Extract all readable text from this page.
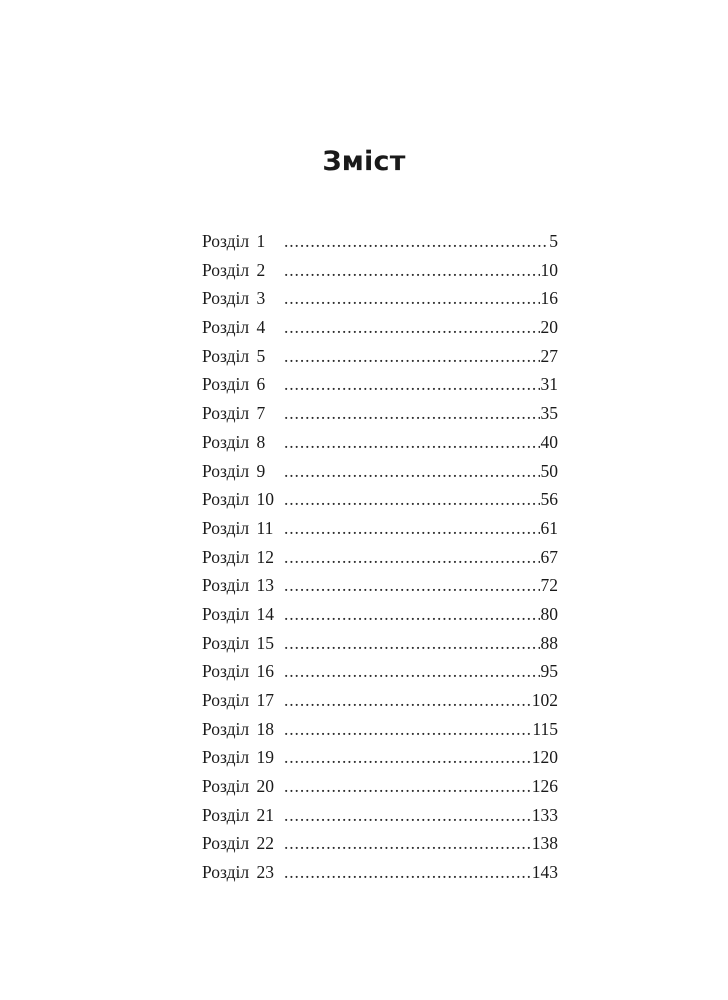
Зміст
Розділ 1 .....	5
Розділ 2 .....	10
Розділ 3 .....	16
Розділ 4 .....	20
Розділ 5 .....	27
Розділ 6 .....	31
Розділ 7 .....	35
Розділ 8 .....	40
Розділ 9 .....	50
Розділ 10 .....	56
Розділ 11 .....	61
Розділ 12 .....	67
Розділ 13 .....	72
Розділ 14 .....	80
Розділ 15 .....	88
Розділ 16 .....	95
Розділ 17 .....	102
Розділ 18 .....	115
Розділ 19 .....	120
Розділ 20 .....	126
Розділ 21 .....	133
Розділ 22 .....	138
Розділ 23 .....	143
